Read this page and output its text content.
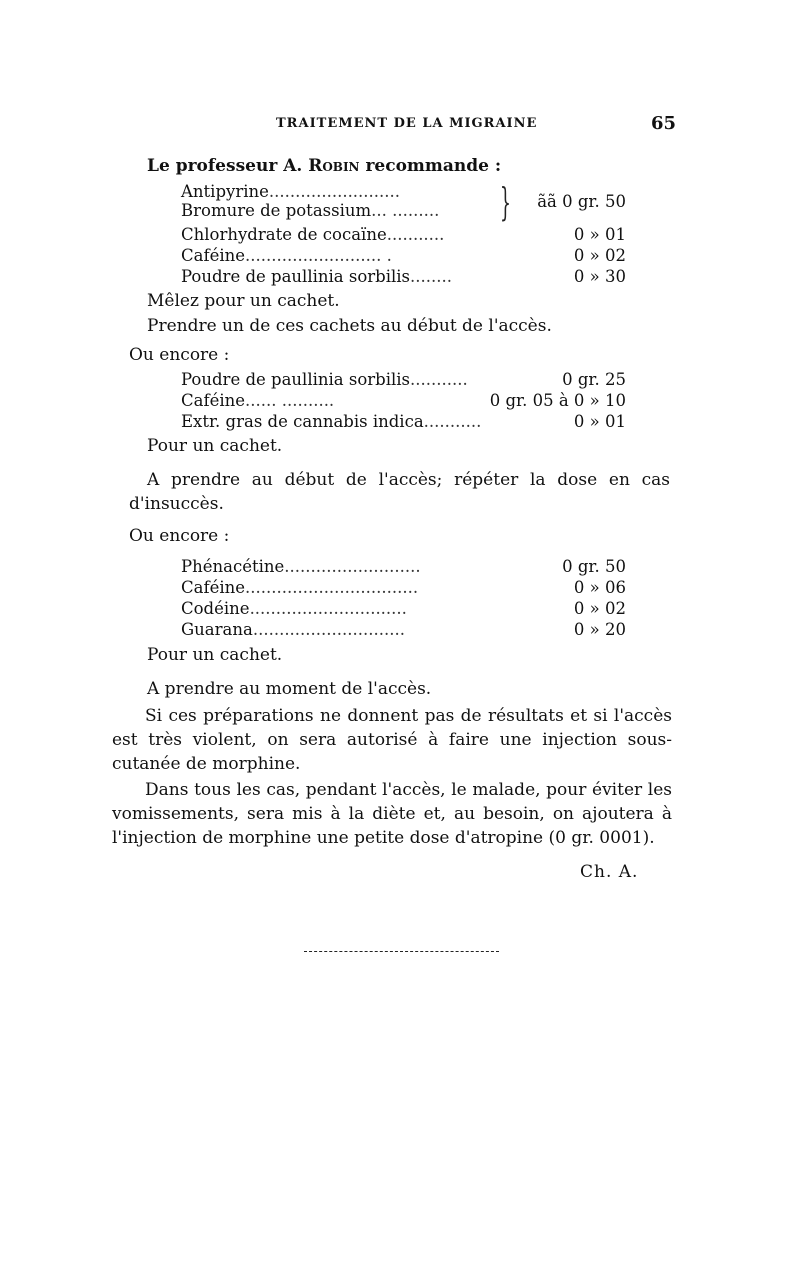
TRAITEMENT DE LA MIGRAINE	65
Le professeur A. Robin recommande :
Antipyrine.........................
Bromure de potassium... ......... } ãã 0 gr. 50
Chlorhydrate de cocaïne...........	0 » 01
Caféine.......................... .	0 » 02
Poudre de paullinia sorbilis........	0 » 30
Mêlez pour un cachet.
Prendre un de ces cachets au début de l'accès.
Ou encore :
Poudre de paullinia sorbilis...........	0 gr. 25
Caféine...... ..........	0 gr. 05 à 0 » 10
Extr. gras de cannabis indica...........	0 » 01
Pour un cachet.
A prendre au début de l'accès; répéter la dose en cas d'insuccès.
Ou encore :
Phénacétine..........................	0 gr. 50
Caféine.................................	0 » 06
Codéine..............................	0 » 02
Guarana.............................	0 » 20
Pour un cachet.
A prendre au moment de l'accès.
Si ces préparations ne donnent pas de résultats et si l'accès est très violent, on sera autorisé à faire une injection sous-cutanée de morphine.
Dans tous les cas, pendant l'accès, le malade, pour éviter les vomissements, sera mis à la diète et, au besoin, on ajoutera à l'injection de morphine une petite dose d'atropine (0 gr. 0001).
Ch. A.
